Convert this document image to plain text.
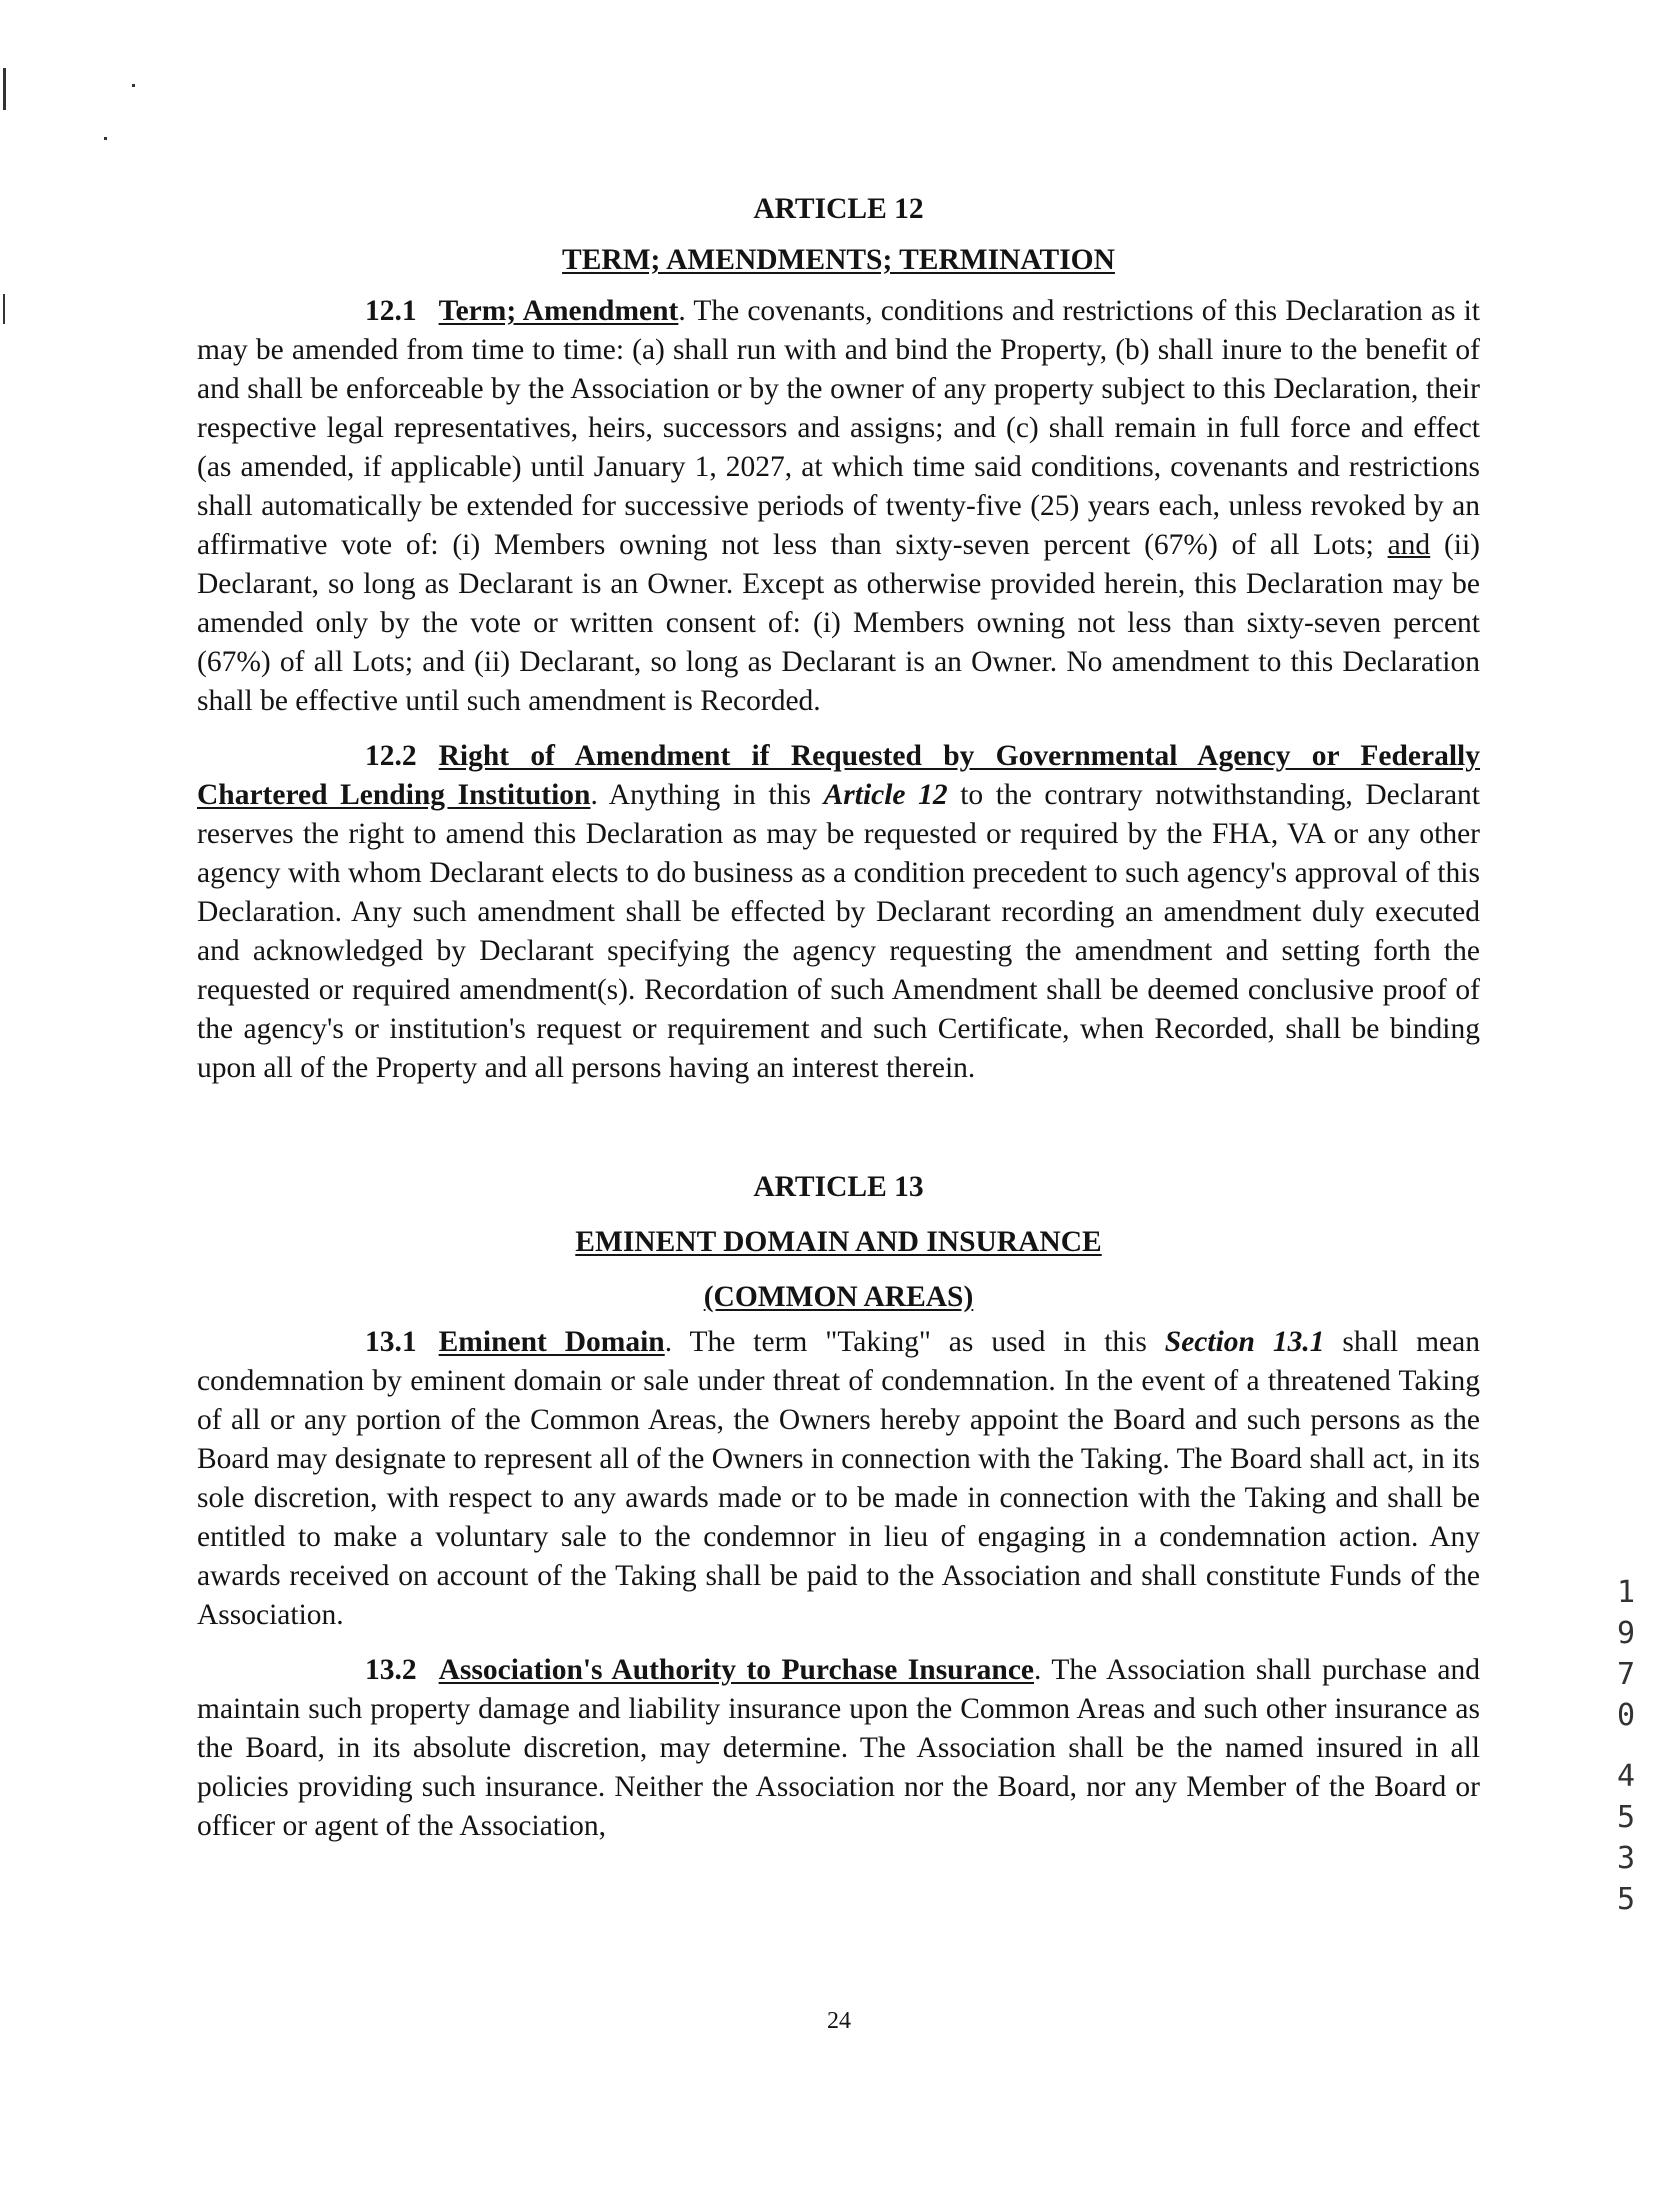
ARTICLE 12

TERM; AMENDMENTS; TERMINATION

12.1 Term; Amendment. The covenants, conditions and restrictions of this Declaration as it may be amended from time to time: (a) shall run with and bind the Property, (b) shall inure to the benefit of and shall be enforceable by the Association or by the owner of any property subject to this Declaration, their respective legal representatives, heirs, successors and assigns; and (c) shall remain in full force and effect (as amended, if applicable) until January 1, 2027, at which time said conditions, covenants and restrictions shall automatically be extended for successive periods of twenty-five (25) years each, unless revoked by an affirmative vote of: (i) Members owning not less than sixty-seven percent (67%) of all Lots; and (ii) Declarant, so long as Declarant is an Owner. Except as otherwise provided herein, this Declaration may be amended only by the vote or written consent of: (i) Members owning not less than sixty-seven percent (67%) of all Lots; and (ii) Declarant, so long as Declarant is an Owner. No amendment to this Declaration shall be effective until such amendment is Recorded.

12.2 Right of Amendment if Requested by Governmental Agency or Federally Chartered Lending Institution. Anything in this Article 12 to the contrary notwithstanding, Declarant reserves the right to amend this Declaration as may be requested or required by the FHA, VA or any other agency with whom Declarant elects to do business as a condition precedent to such agency's approval of this Declaration. Any such amendment shall be effected by Declarant recording an amendment duly executed and acknowledged by Declarant specifying the agency requesting the amendment and setting forth the requested or required amendment(s). Recordation of such Amendment shall be deemed conclusive proof of the agency's or institution's request or requirement and such Certificate, when Recorded, shall be binding upon all of the Property and all persons having an interest therein.

ARTICLE 13

EMINENT DOMAIN AND INSURANCE

(COMMON AREAS)

13.1 Eminent Domain. The term "Taking" as used in this Section 13.1 shall mean condemnation by eminent domain or sale under threat of condemnation. In the event of a threatened Taking of all or any portion of the Common Areas, the Owners hereby appoint the Board and such persons as the Board may designate to represent all of the Owners in connection with the Taking. The Board shall act, in its sole discretion, with respect to any awards made or to be made in connection with the Taking and shall be entitled to make a voluntary sale to the condemnor in lieu of engaging in a condemnation action. Any awards received on account of the Taking shall be paid to the Association and shall constitute Funds of the Association.

13.2 Association's Authority to Purchase Insurance. The Association shall purchase and maintain such property damage and liability insurance upon the Common Areas and such other insurance as the Board, in its absolute discretion, may determine. The Association shall be the named insured in all policies providing such insurance. Neither the Association nor the Board, nor any Member of the Board or officer or agent of the Association,

1
9
7
0
4
5
3
5
24
